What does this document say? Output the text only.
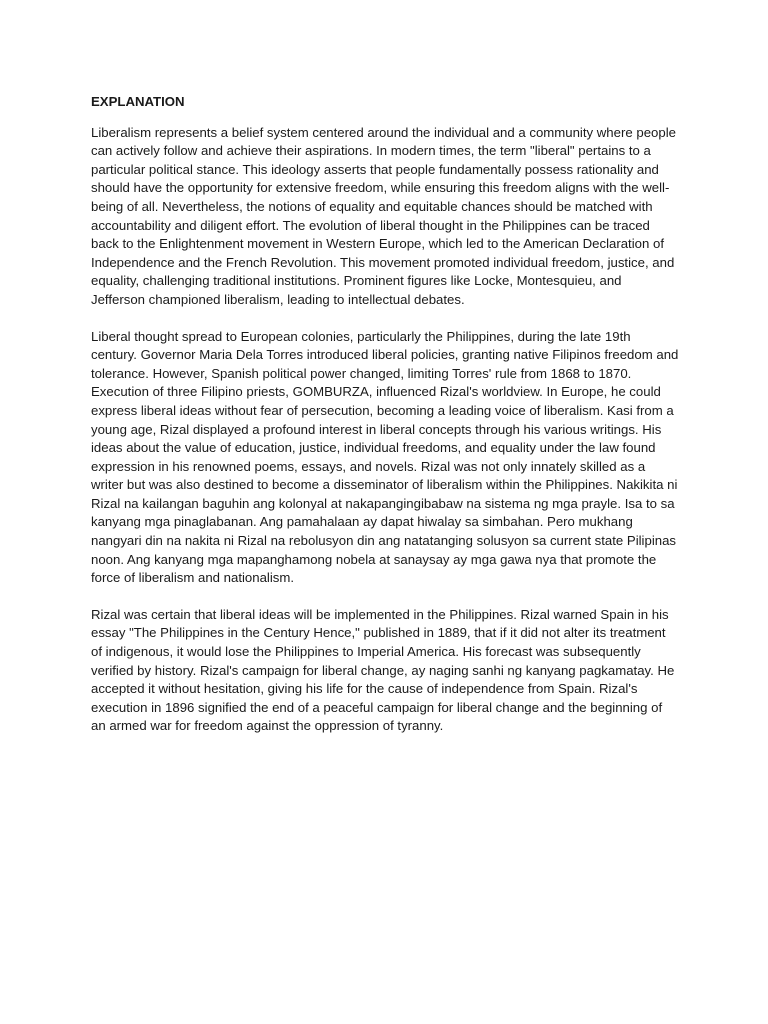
EXPLANATION

Liberalism represents a belief system centered around the individual and a community where people can actively follow and achieve their aspirations. In modern times, the term "liberal" pertains to a particular political stance. This ideology asserts that people fundamentally possess rationality and should have the opportunity for extensive freedom, while ensuring this freedom aligns with the well-being of all. Nevertheless, the notions of equality and equitable chances should be matched with accountability and diligent effort. The evolution of liberal thought in the Philippines can be traced back to the Enlightenment movement in Western Europe, which led to the American Declaration of Independence and the French Revolution. This movement promoted individual freedom, justice, and equality, challenging traditional institutions. Prominent figures like Locke, Montesquieu, and Jefferson championed liberalism, leading to intellectual debates.

Liberal thought spread to European colonies, particularly the Philippines, during the late 19th century. Governor Maria Dela Torres introduced liberal policies, granting native Filipinos freedom and tolerance. However, Spanish political power changed, limiting Torres' rule from 1868 to 1870. Execution of three Filipino priests, GOMBURZA, influenced Rizal's worldview. In Europe, he could express liberal ideas without fear of persecution, becoming a leading voice of liberalism. Kasi from a young age, Rizal displayed a profound interest in liberal concepts through his various writings. His ideas about the value of education, justice, individual freedoms, and equality under the law found expression in his renowned poems, essays, and novels. Rizal was not only innately skilled as a writer but was also destined to become a disseminator of liberalism within the Philippines. Nakikita ni Rizal na kailangan baguhin ang kolonyal at nakapangingibabaw na sistema ng mga prayle. Isa to sa kanyang mga pinaglabanan. Ang pamahalaan ay dapat hiwalay sa simbahan. Pero mukhang nangyari din na nakita ni Rizal na rebolusyon din ang natatanging solusyon sa current state Pilipinas noon. Ang kanyang mga mapanghamong nobela at sanaysay ay mga gawa nya that promote the force of liberalism and nationalism.

Rizal was certain that liberal ideas will be implemented in the Philippines. Rizal warned Spain in his essay "The Philippines in the Century Hence," published in 1889, that if it did not alter its treatment of indigenous, it would lose the Philippines to Imperial America. His forecast was subsequently verified by history. Rizal's campaign for liberal change, ay naging sanhi ng kanyang pagkamatay. He accepted it without hesitation, giving his life for the cause of independence from Spain. Rizal's execution in 1896 signified the end of a peaceful campaign for liberal change and the beginning of an armed war for freedom against the oppression of tyranny.
